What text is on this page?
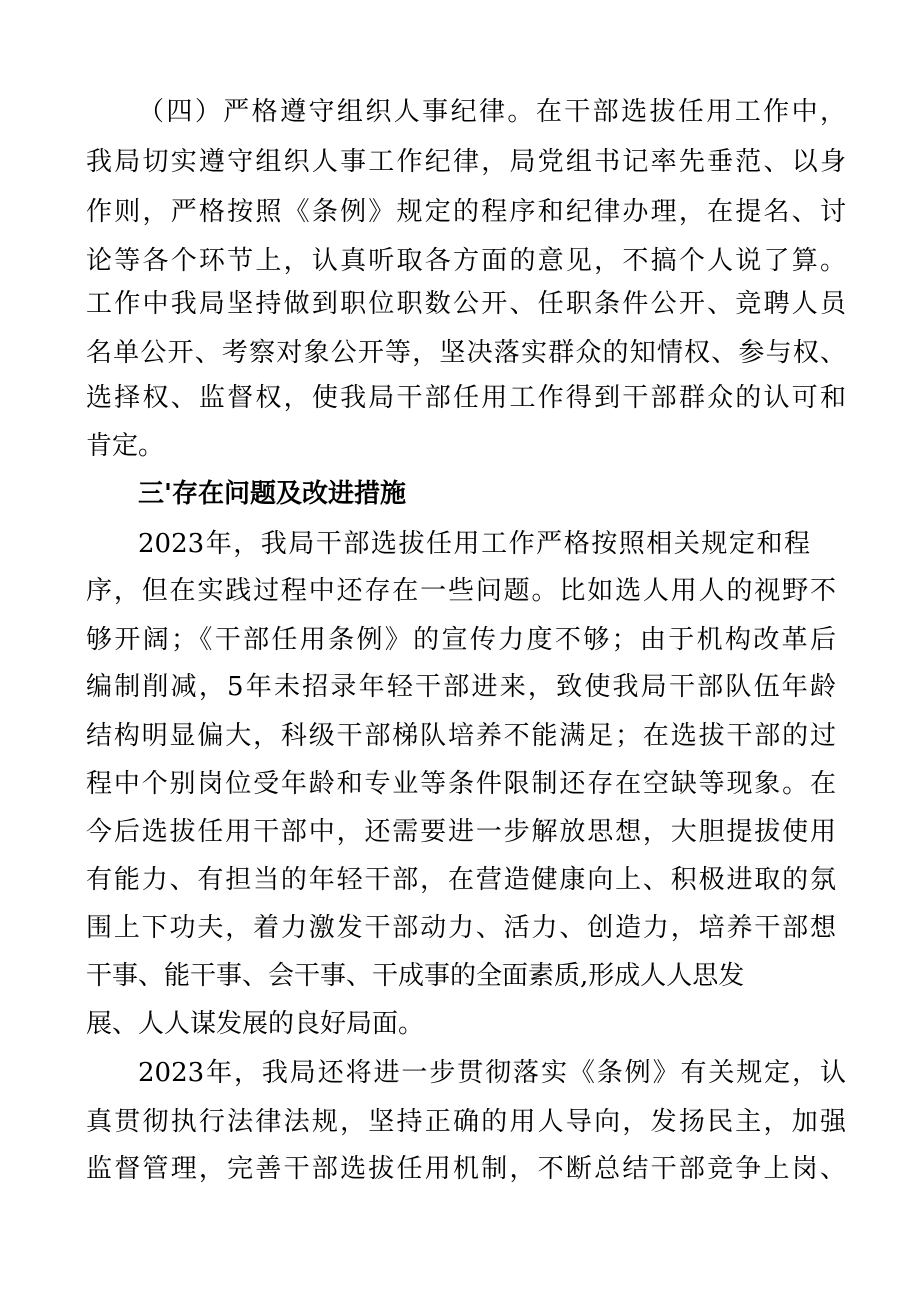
（四）严格遵守组织人事纪律。在干部选拔任用工作中，
我局切实遵守组织人事工作纪律，局党组书记率先垂范、以身
作则，严格按照《条例》规定的程序和纪律办理，在提名、讨
论等各个环节上，认真听取各方面的意见，不搞个人说了算。
工作中我局坚持做到职位职数公开、任职条件公开、竞聘人员
名单公开、考察对象公开等，坚决落实群众的知情权、参与权、
选择权、监督权，使我局干部任用工作得到干部群众的认可和
肯定。
三'存在问题及改进措施
2023年，我局干部选拔任用工作严格按照相关规定和程
序，但在实践过程中还存在一些问题。比如选人用人的视野不
够开阔；《干部任用条例》的宣传力度不够；由于机构改革后
编制削减，5年未招录年轻干部进来，致使我局干部队伍年龄
结构明显偏大，科级干部梯队培养不能满足；在选拔干部的过
程中个别岗位受年龄和专业等条件限制还存在空缺等现象。在
今后选拔任用干部中，还需要进一步解放思想，大胆提拔使用
有能力、有担当的年轻干部，在营造健康向上、积极进取的氛
围上下功夫，着力激发干部动力、活力、创造力，培养干部想
干事、能干事、会干事、干成事的全面素质,形成人人思发
展、人人谋发展的良好局面。
2023年，我局还将进一步贯彻落实《条例》有关规定，认
真贯彻执行法律法规，坚持正确的用人导向，发扬民主，加强
监督管理，完善干部选拔任用机制，不断总结干部竞争上岗、
